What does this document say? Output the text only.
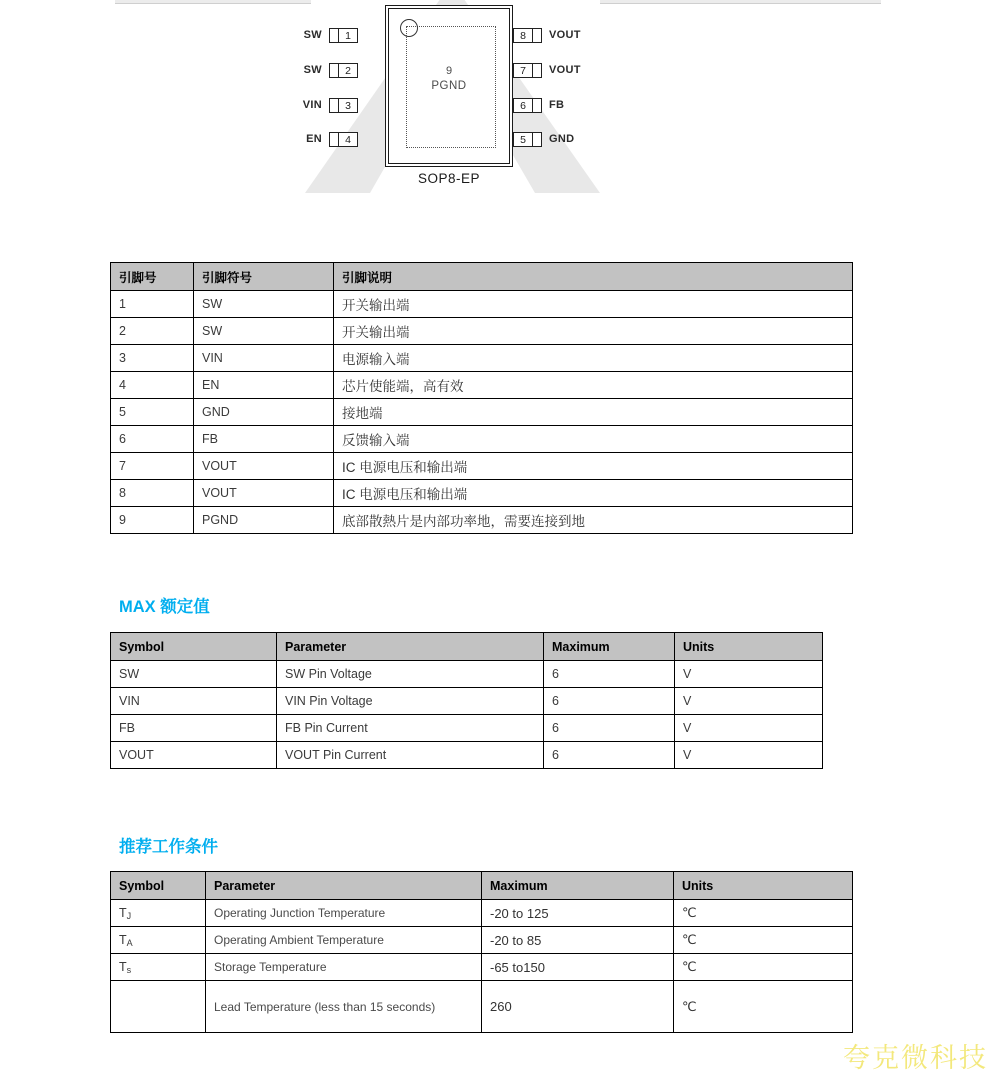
SW	1
SW	2
VIN	3
EN	4
8	VOUT
7	VOUT
6	FB
5	GND
9
PGND
SOP8-EP
引脚号	引脚符号	引脚说明
1	SW	开关输出端
2	SW	开关输出端
3	VIN	电源输入端
4	EN	芯片使能端，高有效
5	GND	接地端
6	FB	反馈输入端
7	VOUT	IC 电源电压和输出端
8	VOUT	IC 电源电压和输出端
9	PGND	底部散熱片是内部功率地，需要连接到地
MAX 额定值
Symbol	Parameter	Maximum	Units
SW	SW Pin Voltage	6	V
VIN	VIN Pin Voltage	6	V
FB	FB Pin Current	6	V
VOUT	VOUT Pin Current	6	V
推荐工作条件
Symbol	Parameter	Maximum	Units
$T_J$	Operating Junction Temperature	-20 to 125	℃
$T_A$	Operating Ambient Temperature	-20 to 85	℃
$T_s$	Storage Temperature	-65 to150	℃
	Lead Temperature (less than 15 seconds)	260	℃
夸克微科技
